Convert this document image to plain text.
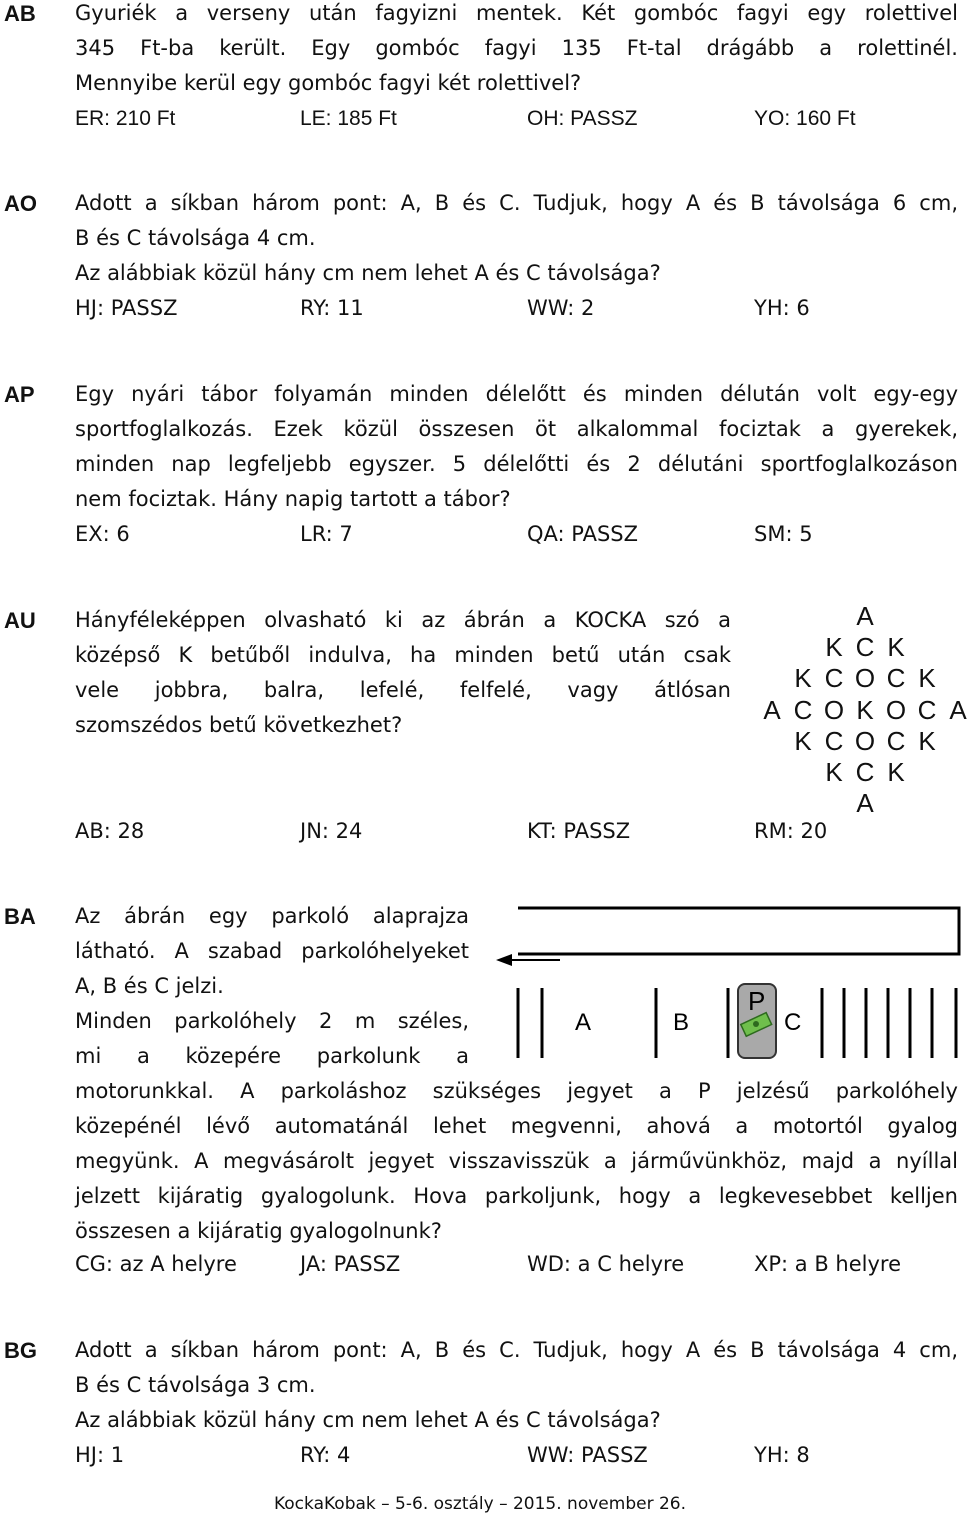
AB	Gyuriék a verseny után fagyizni mentek. Két gombóc fagyi egy rolettivel
345 Ft-ba került. Egy gombóc fagyi 135 Ft-tal drágább a rolettinél.
Mennyibe kerül egy gombóc fagyi két rolettivel?
ER: 210 Ft	LE: 185 Ft	OH: PASSZ	YO: 160 Ft
AO	Adott a síkban három pont: A, B és C. Tudjuk, hogy A és B távolsága 6 cm,
B és C távolsága 4 cm.
Az alábbiak közül hány cm nem lehet A és C távolsága?
HJ: PASSZ	RY: 11	WW: 2	YH: 6
AP	Egy nyári tábor folyamán minden délelőtt és minden délután volt egy-egy
sportfoglalkozás. Ezek közül összesen öt alkalommal fociztak a gyerekek,
minden nap legfeljebb egyszer. 5 délelőtti és 2 délutáni sportfoglalkozáson
nem fociztak. Hány napig tartott a tábor?
EX: 6	LR: 7	QA: PASSZ	SM: 5
AU	Hányféleképpen olvasható ki az ábrán a KOCKA szó a
középső K betűből indulva, ha minden betű után csak
vele jobbra, balra, lefelé, felfelé, vagy átlósan
szomszédos betű következhet?
A
K C K
K C O C K
A C O K O C A
K C O C K
K C K
A
AB: 28	JN: 24	KT: PASSZ	RM: 20
BA	Az ábrán egy parkoló alaprajza
látható. A szabad parkolóhelyeket
A, B és C jelzi.
Minden parkolóhely 2 m széles,
mi a közepére parkolunk a
motorunkkal. A parkoláshoz szükséges jegyet a P jelzésű parkolóhely
közepénél lévő automatánál lehet megvenni, ahová a motortól gyalog
megyünk. A megvásárolt jegyet visszavisszük a járművünkhöz, majd a nyíllal
jelzett kijáratig gyalogolunk. Hova parkoljunk, hogy a legkevesebbet kelljen
összesen a kijáratig gyalogolnunk?
A	B	C
P
CG: az A helyre	JA: PASSZ	WD: a C helyre	XP: a B helyre
BG	Adott a síkban három pont: A, B és C. Tudjuk, hogy A és B távolsága 4 cm,
B és C távolsága 3 cm.
Az alábbiak közül hány cm nem lehet A és C távolsága?
HJ: 1	RY: 4	WW: PASSZ	YH: 8
KockaKobak – 5-6. osztály – 2015. november 26.
